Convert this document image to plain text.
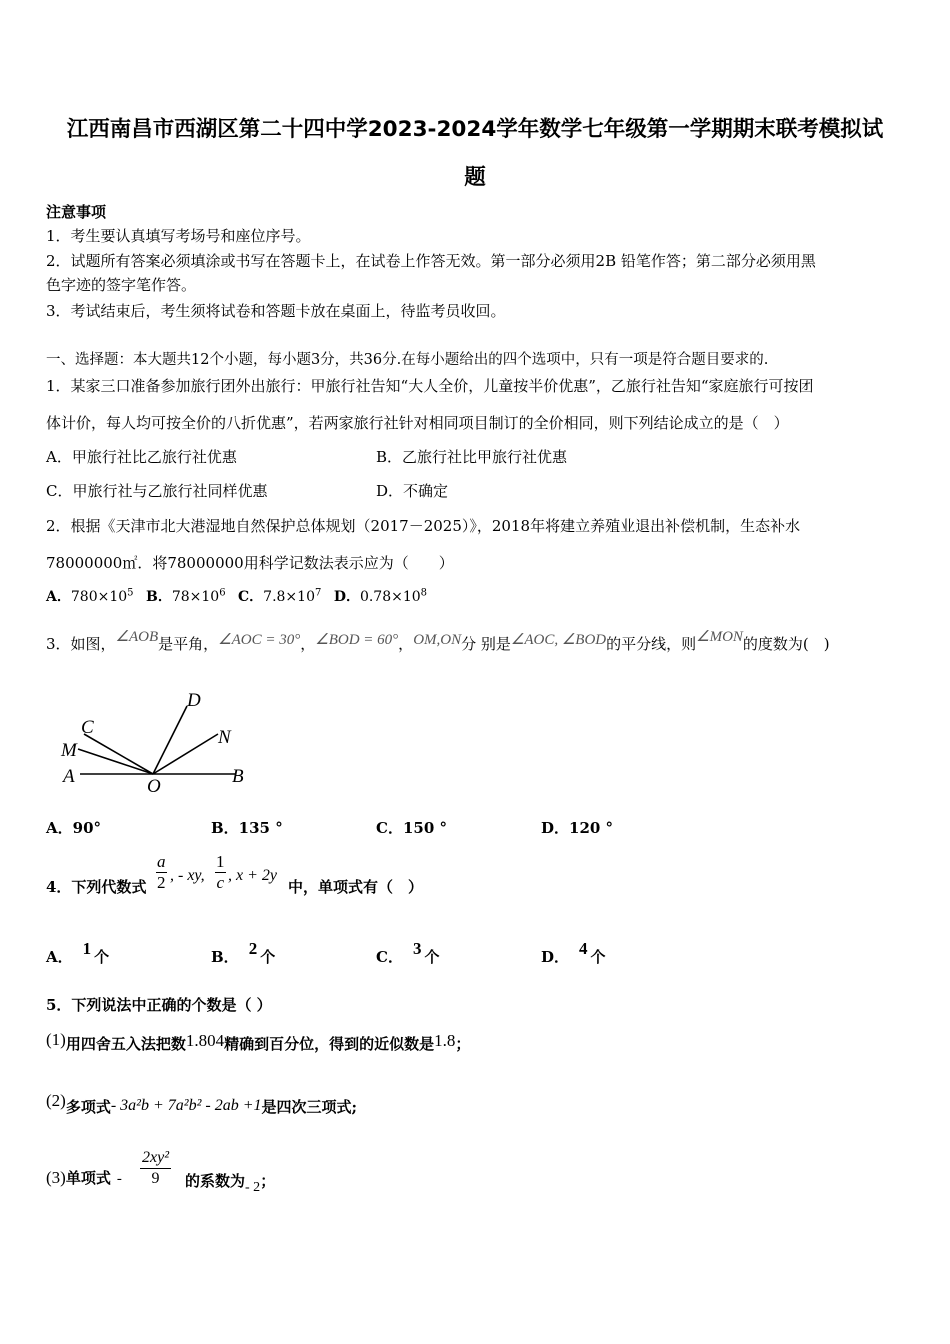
江西南昌市西湖区第二十四中学2023-2024学年数学七年级第一学期期末联考模拟试
题
注意事项
1．考生要认真填写考场号和座位序号。
2．试题所有答案必须填涂或书写在答题卡上，在试卷上作答无效。第一部分必须用2B 铅笔作答；第二部分必须用黑
色字迹的签字笔作答。
3．考试结束后，考生须将试卷和答题卡放在桌面上，待监考员收回。
一、选择题：本大题共12个小题，每小题3分，共36分.在每小题给出的四个选项中，只有一项是符合题目要求的.
1．某家三口准备参加旅行团外出旅行：甲旅行社告知“大人全价，儿童按半价优惠”，乙旅行社告知“家庭旅行可按团
体计价，每人均可按全价的八折优惠”，若两家旅行社针对相同项目制订的全价相同，则下列结论成立的是（　）
A．甲旅行社比乙旅行社优惠	B．乙旅行社比甲旅行社优惠
C．甲旅行社与乙旅行社同样优惠	D．不确定
2．根据《天津市北大港湿地自然保护总体规划（2017－2025）》，2018年将建立养殖业退出补偿机制，生态补水
78000000㎡．将78000000用科学记数法表示应为（　　）
A．$780\times 10^5$ B．$78\times 10^6$ C．$7.8\times 10^7$ D．$0.78\times 10^8$
3．如图，∠AOB是平角，∠AOC = 30°，∠BOD = 60°，OM,ON分 别是∠AOC, ∠BOD的平分线，则∠MON的度数为(　)
D
C	N
M
A	O	B
A．90°	B．135 °	C．150 °	D．120 °
4．下列代数式
a
2 , - xy,
1
c , x + 2y
中，单项式有（　）
A． 1 个	B． 2 个	C． 3 个	D． 4 个
5．下列说法中正确的个数是（ ）
(1)用四舍五入法把数1.804精确到百分位，得到的近似数是1.8；
(2)多项式- 3a²b + 7a²b² - 2ab +1是四次三项式;
(3)单项式 - $\frac{\text{2xy²}}{9}$ 的系数为- 2；
